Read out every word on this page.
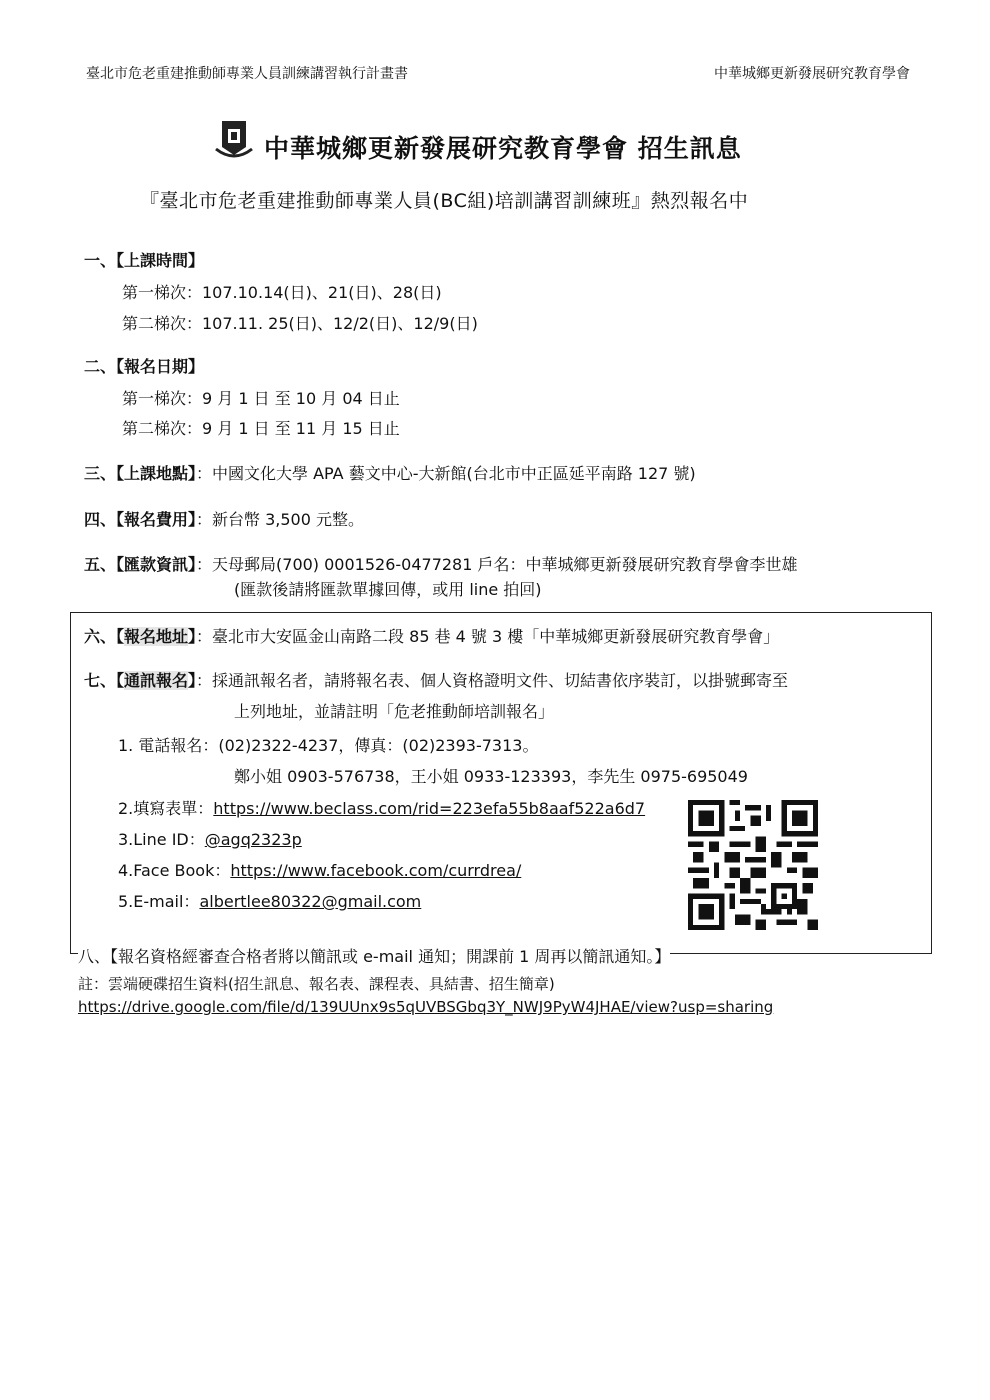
臺北市危老重建推動師專業人員訓練講習執行計畫書	中華城鄉更新發展研究教育學會
中華城鄉更新發展研究教育學會 招生訊息
『臺北市危老重建推動師專業人員(BC組)培訓講習訓練班』熱烈報名中
一、【上課時間】
第一梯次：107.10.14(日)、21(日)、28(日)
第二梯次：107.11. 25(日)、12/2(日)、12/9(日)
二、【報名日期】
第一梯次：9 月 1 日 至 10 月 04 日止
第二梯次：9 月 1 日 至 11 月 15 日止
三、【上課地點】：中國文化大學 APA 藝文中心-大新館(台北市中正區延平南路 127 號)
四、【報名費用】：新台幣 3,500 元整。
五、【匯款資訊】：天母郵局(700) 0001526-0477281 戶名：中華城鄉更新發展研究教育學會李世雄
(匯款後請將匯款單據回傳，或用 line 拍回)
六、【報名地址】：臺北市大安區金山南路二段 85 巷 4 號 3 樓「中華城鄉更新發展研究教育學會」
七、【通訊報名】：採通訊報名者，請將報名表、個人資格證明文件、切結書依序裝訂，以掛號郵寄至
上列地址，並請註明「危老推動師培訓報名」
1. 電話報名：(02)2322-4237，傳真：(02)2393-7313。
鄭小姐 0903-576738，王小姐 0933-123393，李先生 0975-695049
2.填寫表單：https://www.beclass.com/rid=223efa55b8aaf522a6d7
3.Line ID：@agq2323p
4.Face Book：https://www.facebook.com/currdrea/
5.E-mail：albertlee80322@gmail.com
八、【報名資格經審查合格者將以簡訊或 e-mail 通知；開課前 1 周再以簡訊通知。】
註：雲端硬碟招生資料(招生訊息、報名表、課程表、具結書、招生簡章)
https://drive.google.com/file/d/139UUnx9s5qUVBSGbq3Y_NWJ9PyW4JHAE/view?usp=sharing
